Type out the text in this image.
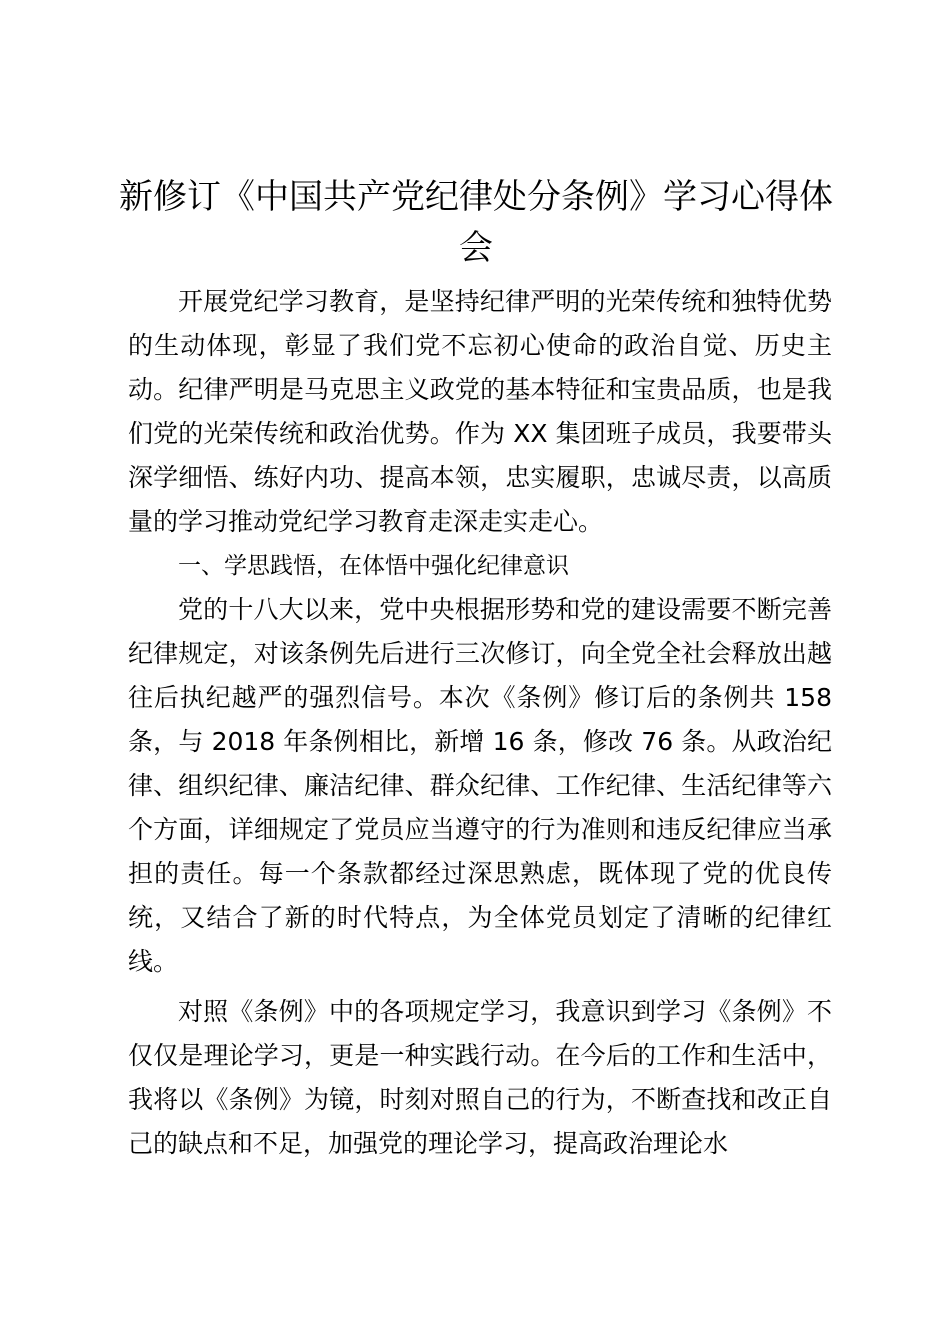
新修订《中国共产党纪律处分条例》学习心得体会

开展党纪学习教育，是坚持纪律严明的光荣传统和独特优势的生动体现，彰显了我们党不忘初心使命的政治自觉、历史主动。纪律严明是马克思主义政党的基本特征和宝贵品质，也是我们党的光荣传统和政治优势。作为 XX 集团班子成员，我要带头深学细悟、练好内功、提高本领，忠实履职，忠诚尽责，以高质量的学习推动党纪学习教育走深走实走心。

一、学思践悟，在体悟中强化纪律意识

党的十八大以来，党中央根据形势和党的建设需要不断完善纪律规定，对该条例先后进行三次修订，向全党全社会释放出越往后执纪越严的强烈信号。本次《条例》修订后的条例共 158 条，与 2018 年条例相比，新增 16 条，修改 76 条。从政治纪律、组织纪律、廉洁纪律、群众纪律、工作纪律、生活纪律等六个方面，详细规定了党员应当遵守的行为准则和违反纪律应当承担的责任。每一个条款都经过深思熟虑，既体现了党的优良传统，又结合了新的时代特点，为全体党员划定了清晰的纪律红线。

对照《条例》中的各项规定学习，我意识到学习《条例》不仅仅是理论学习，更是一种实践行动。在今后的工作和生活中，我将以《条例》为镜，时刻对照自己的行为，不断查找和改正自己的缺点和不足，加强党的理论学习，提高政治理论水
